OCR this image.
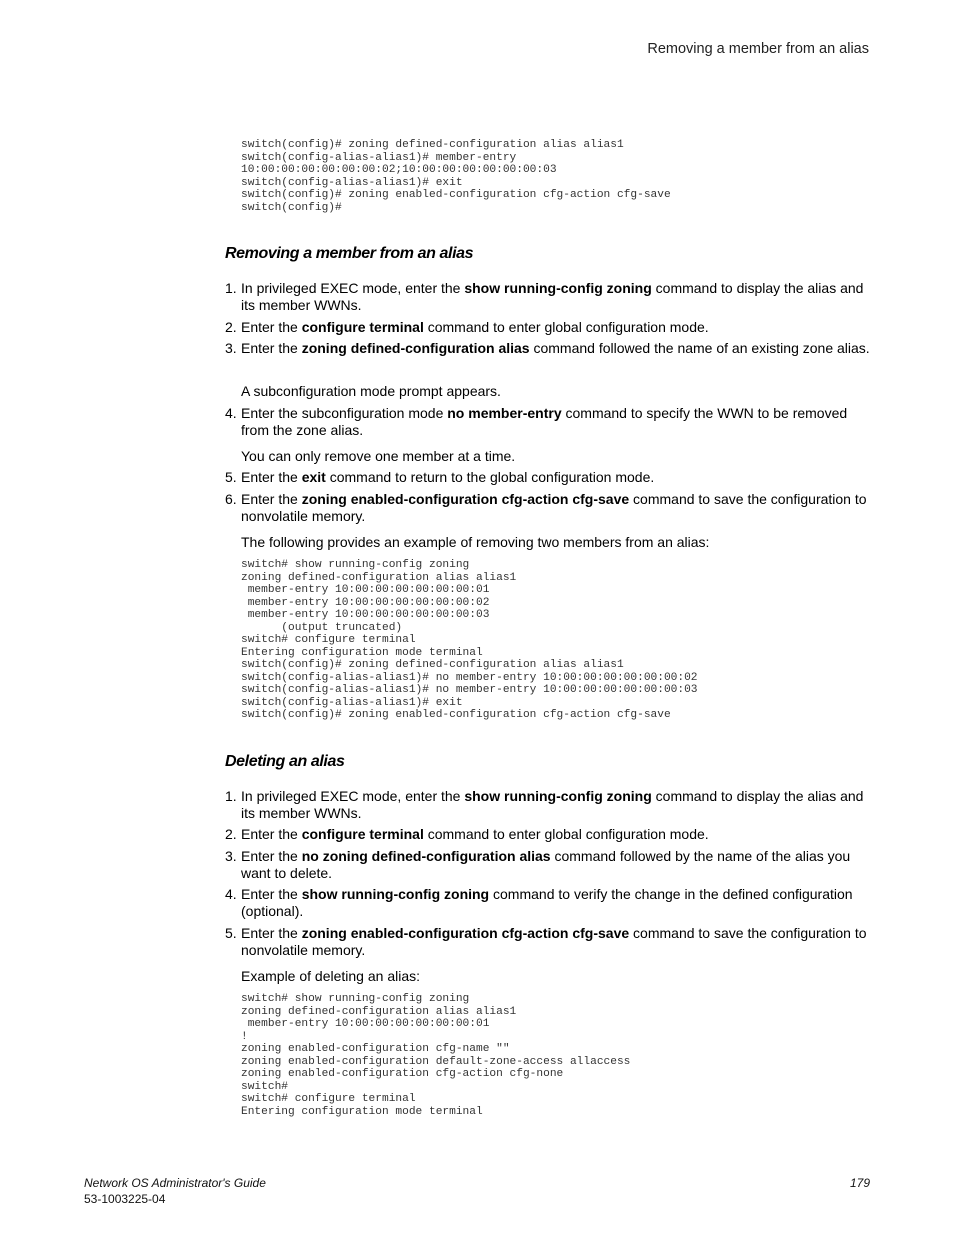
Removing a member from an alias
switch(config)# zoning defined-configuration alias alias1
switch(config-alias-alias1)# member-entry
10:00:00:00:00:00:00:02;10:00:00:00:00:00:00:03
switch(config-alias-alias1)# exit
switch(config)# zoning enabled-configuration cfg-action cfg-save
switch(config)#
Removing a member from an alias
1. In privileged EXEC mode, enter the show running-config zoning command to display the alias and its member WWNs.
2. Enter the configure terminal command to enter global configuration mode.
3. Enter the zoning defined-configuration alias command followed the name of an existing zone alias.
A subconfiguration mode prompt appears.
4. Enter the subconfiguration mode no member-entry command to specify the WWN to be removed from the zone alias.
You can only remove one member at a time.
5. Enter the exit command to return to the global configuration mode.
6. Enter the zoning enabled-configuration cfg-action cfg-save command to save the configuration to nonvolatile memory.
The following provides an example of removing two members from an alias:
switch# show running-config zoning
zoning defined-configuration alias alias1
member-entry 10:00:00:00:00:00:00:01
member-entry 10:00:00:00:00:00:00:02
member-entry 10:00:00:00:00:00:00:03
(output truncated)
switch# configure terminal
Entering configuration mode terminal
switch(config)# zoning defined-configuration alias alias1
switch(config-alias-alias1)# no member-entry 10:00:00:00:00:00:00:02
switch(config-alias-alias1)# no member-entry 10:00:00:00:00:00:00:03
switch(config-alias-alias1)# exit
switch(config)# zoning enabled-configuration cfg-action cfg-save
Deleting an alias
1. In privileged EXEC mode, enter the show running-config zoning command to display the alias and its member WWNs.
2. Enter the configure terminal command to enter global configuration mode.
3. Enter the no zoning defined-configuration alias command followed by the name of the alias you want to delete.
4. Enter the show running-config zoning command to verify the change in the defined configuration (optional).
5. Enter the zoning enabled-configuration cfg-action cfg-save command to save the configuration to nonvolatile memory.
Example of deleting an alias:
switch# show running-config zoning
zoning defined-configuration alias alias1
member-entry 10:00:00:00:00:00:00:01
!
zoning enabled-configuration cfg-name ""
zoning enabled-configuration default-zone-access allaccess
zoning enabled-configuration cfg-action cfg-none
switch#
switch# configure terminal
Entering configuration mode terminal
Network OS Administrator's Guide
53-1003225-04
179
